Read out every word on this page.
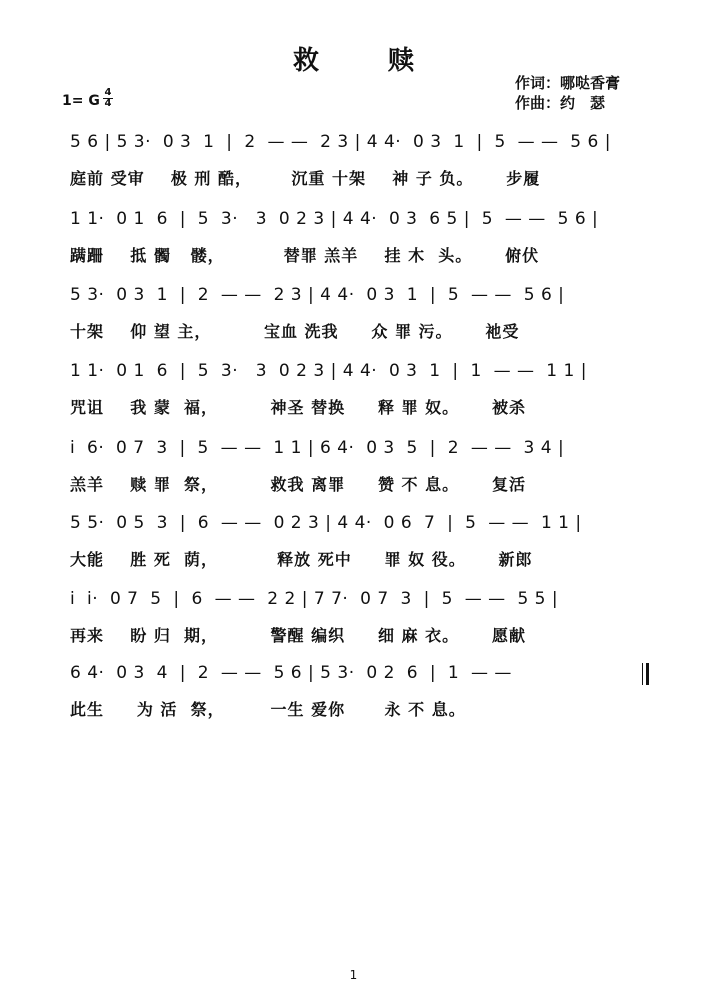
救 赎
作词：哪哒香膏
作曲：约　瑟
1= G
4
4
5 6 | 5 3·  0 3  1  |  2  — —  2 3 | 4 4·  0 3  1  |  5  — —  5 6 |
庭前 受审    极 刑 酷，      沉重 十架    神 子 负。     步履
1 1·  0 1  6  |  5  3·   3  0 2 3 | 4 4·  0 3  6 5 |  5  — —  5 6 |
蹒跚    抵 髑   髅，         替罪 羔羊    挂 木  头。     俯伏
5 3·  0 3  1  |  2  — —  2 3 | 4 4·  0 3  1  |  5  — —  5 6 |
十架    仰 望 主，        宝血 洗我     众 罪 污。     祂受
1 1·  0 1  6  |  5  3·   3  0 2 3 | 4 4·  0 3  1  |  1  — —  1 1 |
咒诅    我 蒙  福，        神圣 替换     释 罪 奴。     被杀
i  6·  0 7  3  |  5  — —  1 1 | 6 4·  0 3  5  |  2  — —  3 4 |
羔羊    赎 罪  祭，        救我 离罪     赞 不 息。     复活
5 5·  0 5  3  |  6  — —  0 2 3 | 4 4·  0 6  7  |  5  — —  1 1 |
大能    胜 死  荫，         释放 死中     罪 奴 役。     新郎
i  i·  0 7  5  |  6  — —  2 2 | 7 7·  0 7  3  |  5  — —  5 5 |
再来    盼 归  期，        警醒 编织     细 麻 衣。     愿献
6 4·  0 3  4  |  2  — —  5 6 | 5 3·  0 2  6  |  1  — —
此生     为 活  祭，       一生 爱你      永 不 息。
1
